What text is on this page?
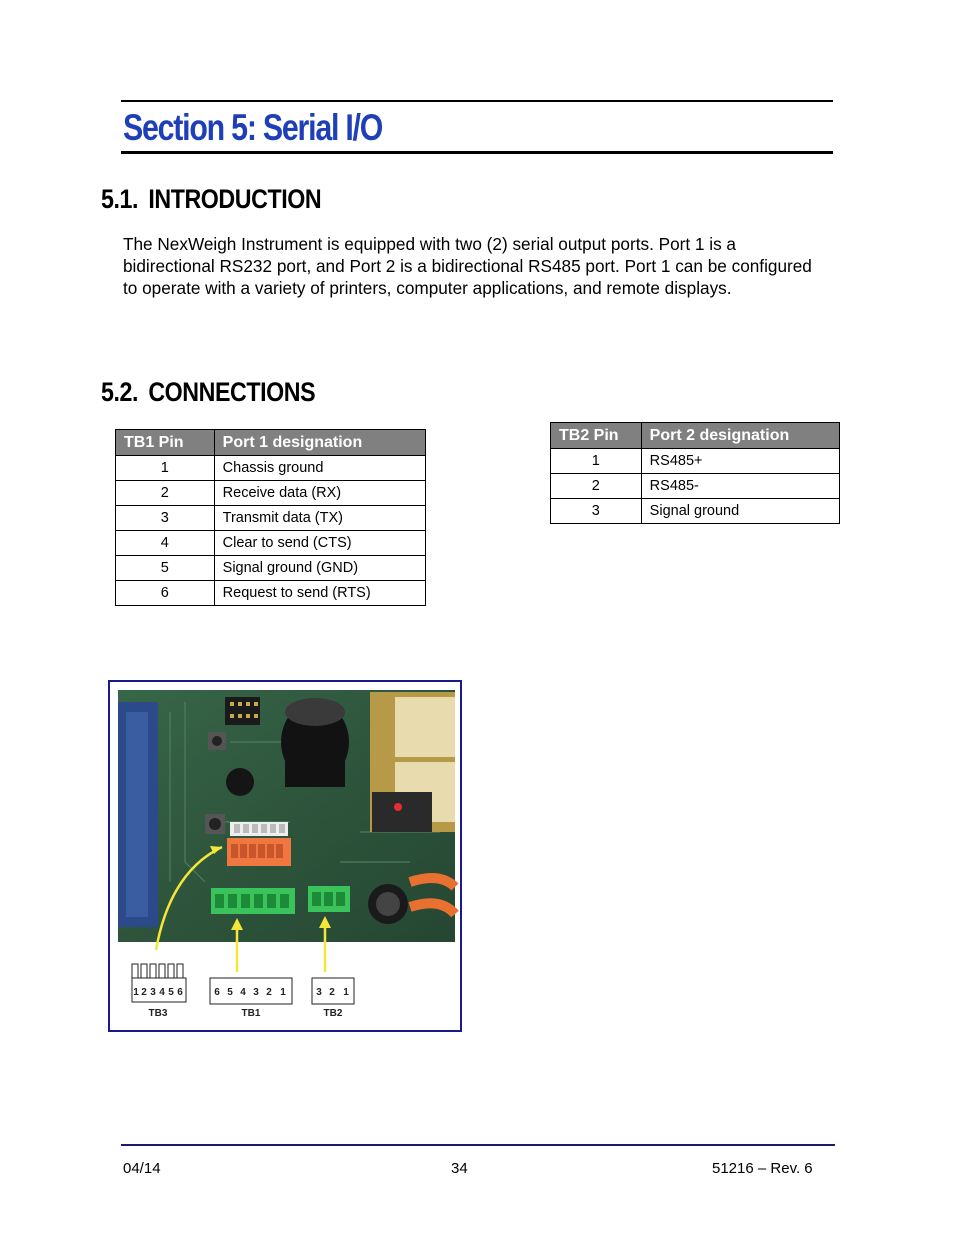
Section 5: Serial I/O
5.1. INTRODUCTION

The NexWeigh Instrument is equipped with two (2) serial output ports. Port 1 is a bidirectional RS232 port, and Port 2 is a bidirectional RS485 port. Port 1 can be configured to operate with a variety of printers, computer applications, and remote displays.

5.2. CONNECTIONS
TB1 Pin	Port 1 designation
1	Chassis ground
2	Receive data (RX)
3	Transmit data (TX)
4	Clear to send (CTS)
5	Signal ground (GND)
6	Request to send (RTS)
TB2 Pin	Port 2 designation
1	RS485+
2	RS485-
3	Signal ground
1 2 3 4 5 6	6 5 4 3 2 1	3 2 1
TB3	TB1	TB2
04/14	34	51216 – Rev. 6
